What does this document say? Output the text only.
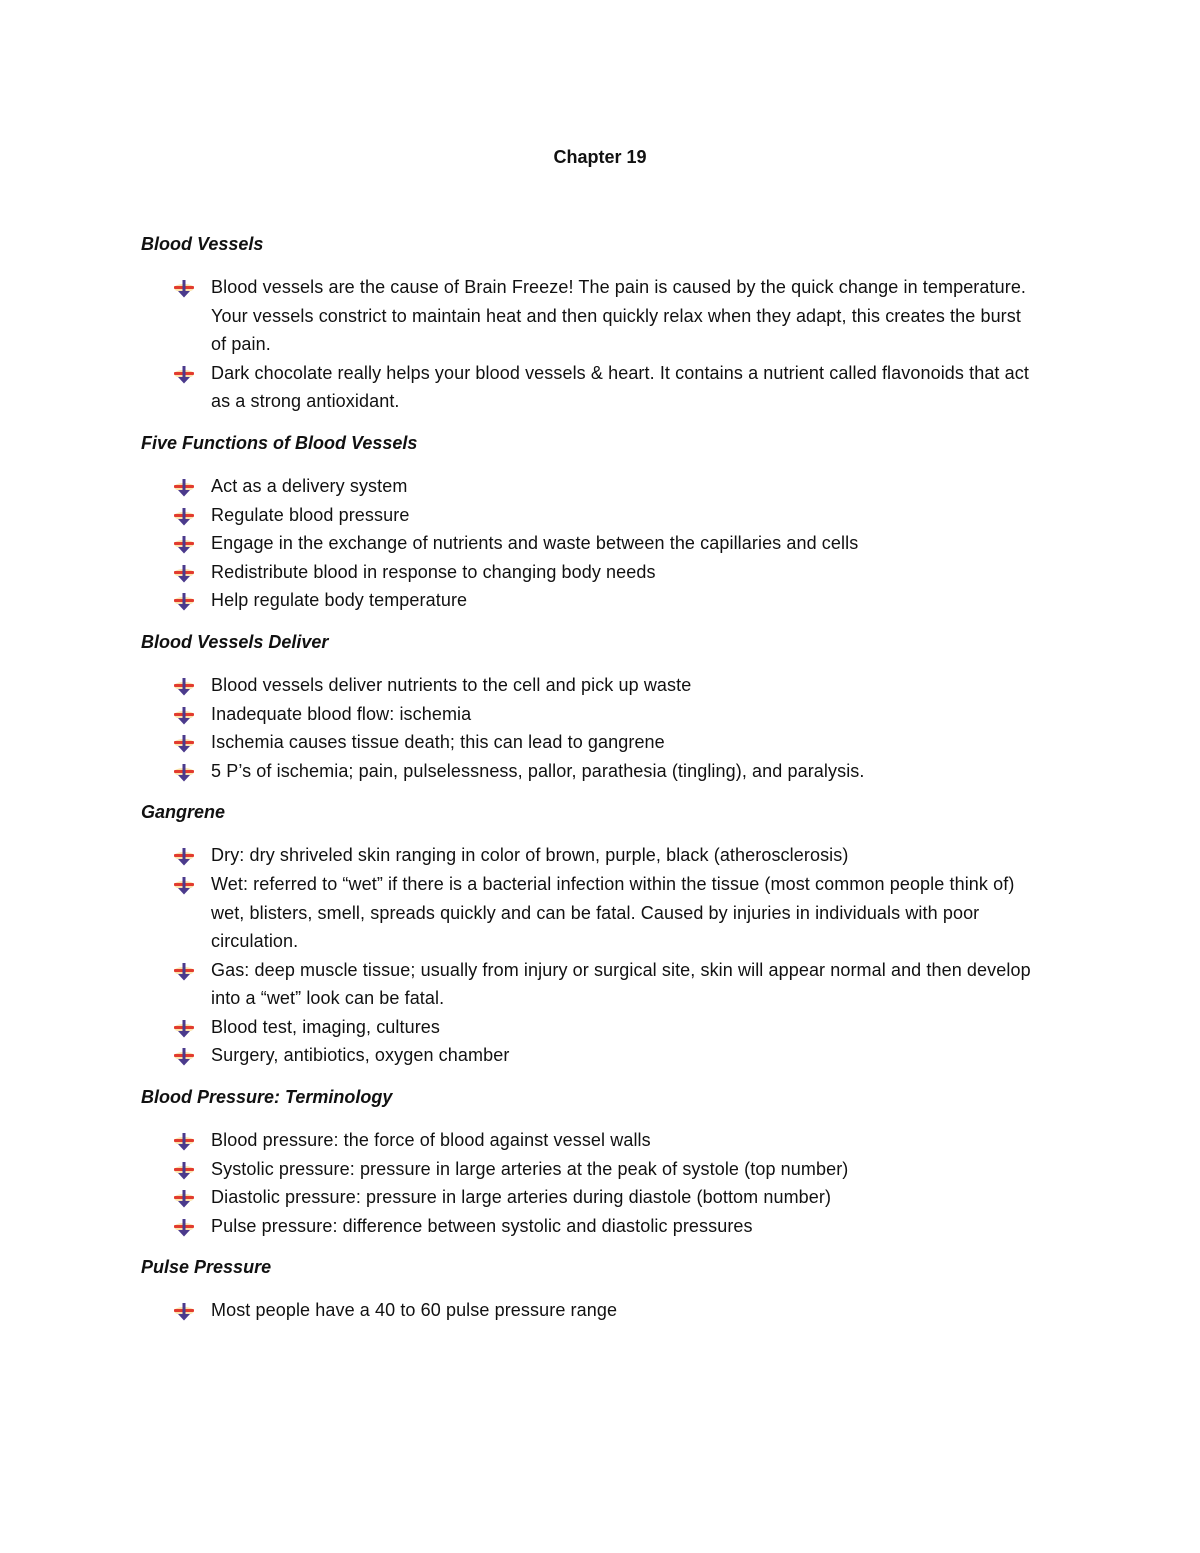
Chapter 19
Blood Vessels
Blood vessels are the cause of Brain Freeze! The pain is caused by the quick change in temperature. Your vessels constrict to maintain heat and then quickly relax when they adapt, this creates the burst of pain.
Dark chocolate really helps your blood vessels & heart. It contains a nutrient called flavonoids that act as a strong antioxidant.
Five Functions of Blood Vessels
Act as a delivery system
Regulate blood pressure
Engage in the exchange of nutrients and waste between the capillaries and cells
Redistribute blood in response to changing body needs
Help regulate body temperature
Blood Vessels Deliver
Blood vessels deliver nutrients to the cell and pick up waste
Inadequate blood flow: ischemia
Ischemia causes tissue death; this can lead to gangrene
5 P’s of ischemia; pain, pulselessness, pallor, parathesia (tingling), and paralysis.
Gangrene
Dry: dry shriveled skin ranging in color of brown, purple, black (atherosclerosis)
Wet: referred to “wet” if there is a bacterial infection within the tissue (most common people think of) wet, blisters, smell, spreads quickly and can be fatal. Caused by injuries in individuals with poor circulation.
Gas: deep muscle tissue; usually from injury or surgical site, skin will appear normal and then develop into a “wet” look can be fatal.
Blood test, imaging, cultures
Surgery, antibiotics, oxygen chamber
Blood Pressure: Terminology
Blood pressure: the force of blood against vessel walls
Systolic pressure: pressure in large arteries at the peak of systole (top number)
Diastolic pressure: pressure in large arteries during diastole (bottom number)
Pulse pressure: difference between systolic and diastolic pressures
Pulse Pressure
Most people have a 40 to 60 pulse pressure range
